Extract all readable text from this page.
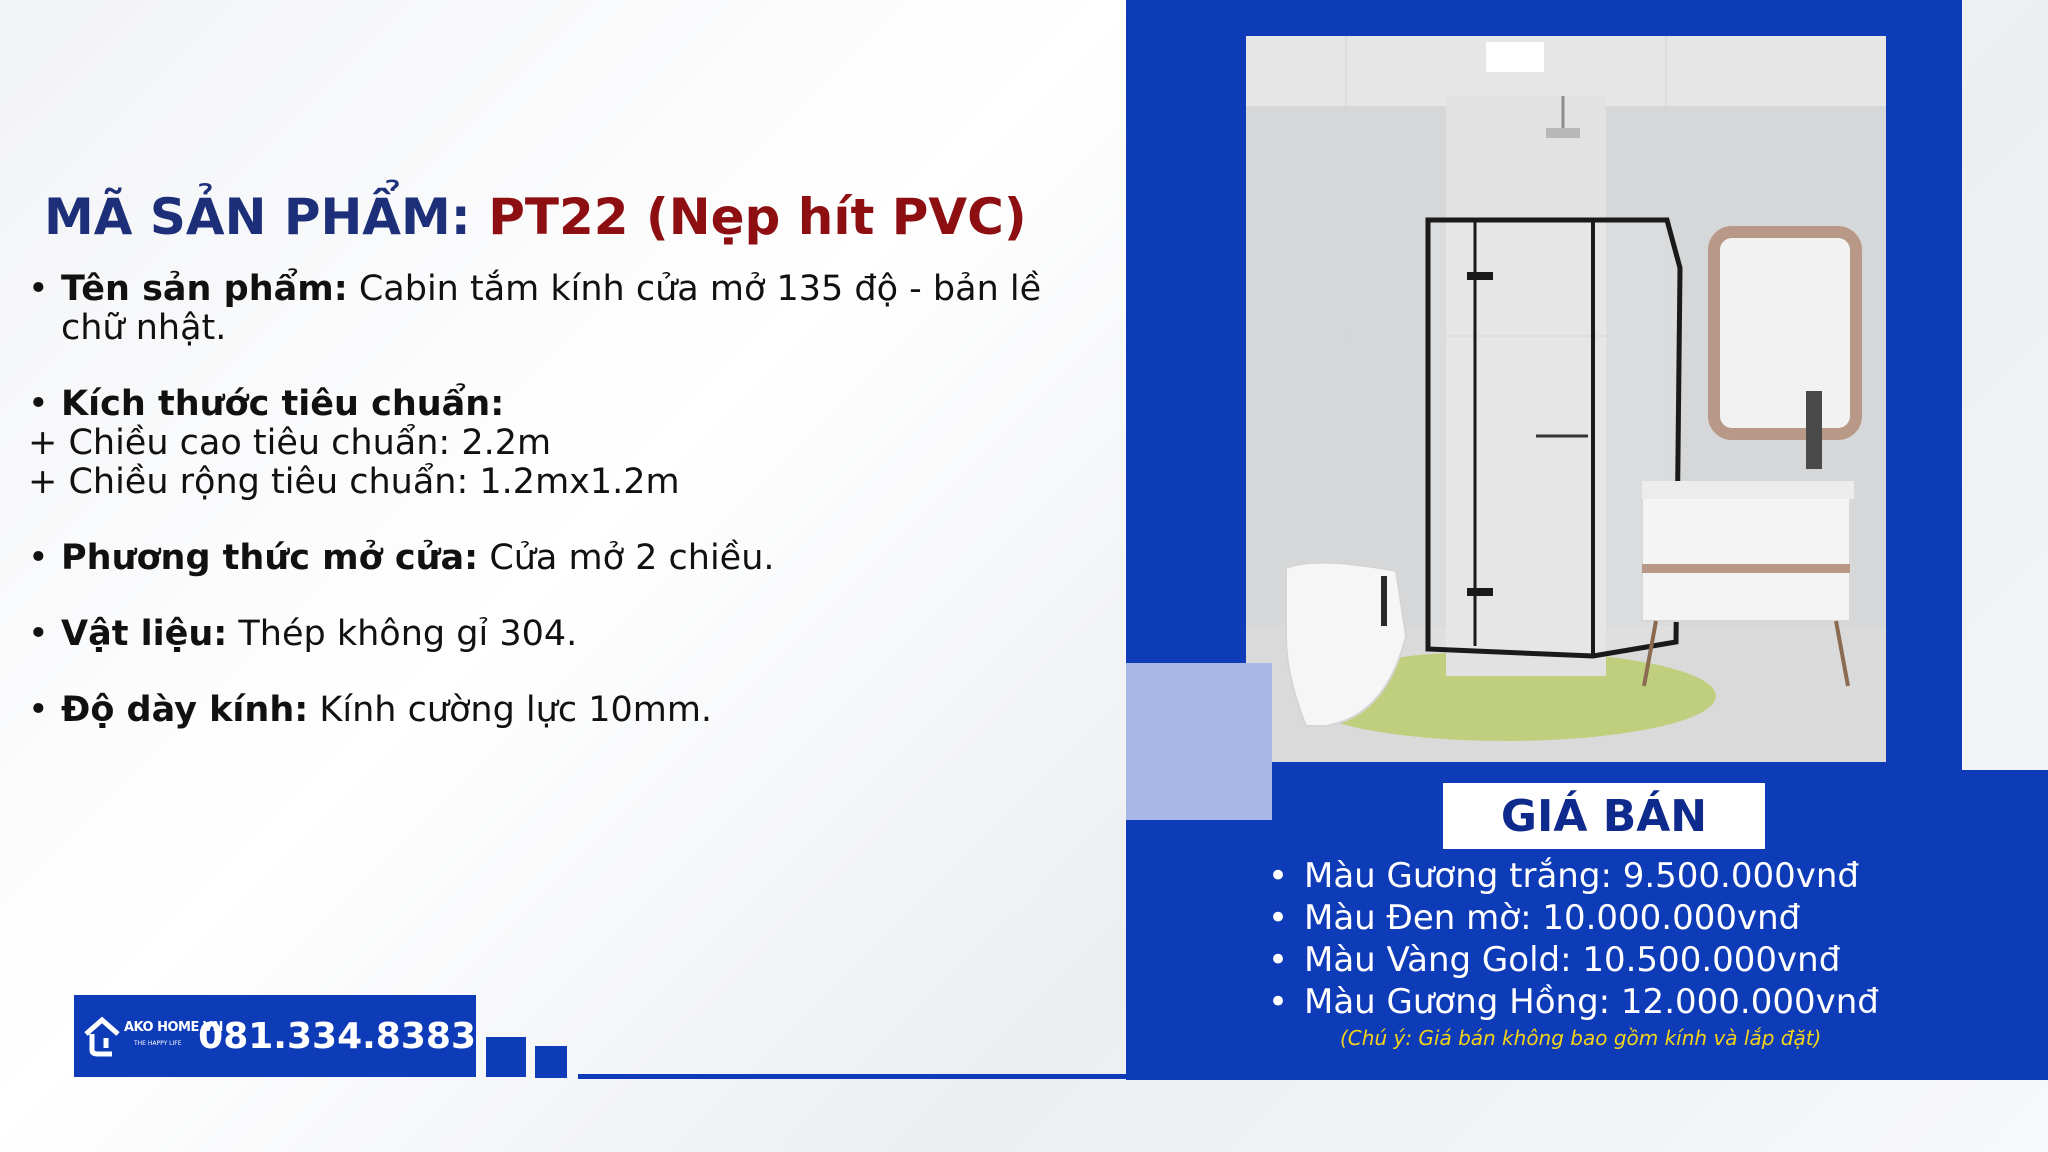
MÃ SẢN PHẨM: PT22 (Nẹp hít PVC)
• Tên sản phẩm: Cabin tắm kính cửa mở 135 độ - bản lề chữ nhật.
• Kích thước tiêu chuẩn:
+ Chiều cao tiêu chuẩn: 2.2m
+ Chiều rộng tiêu chuẩn: 1.2mx1.2m
• Phương thức mở cửa: Cửa mở 2 chiều.
• Vật liệu: Thép không gỉ 304.
• Độ dày kính: Kính cường lực 10mm.
AKO HOME VN
THE HAPPY LIFE 081.334.8383
GIÁ BÁN
• Màu Gương trắng: 9.500.000vnđ
• Màu Đen mờ: 10.000.000vnđ
• Màu Vàng Gold: 10.500.000vnđ
• Màu Gương Hồng: 12.000.000vnđ
(Chú ý: Giá bán không bao gồm kính và lắp đặt)
